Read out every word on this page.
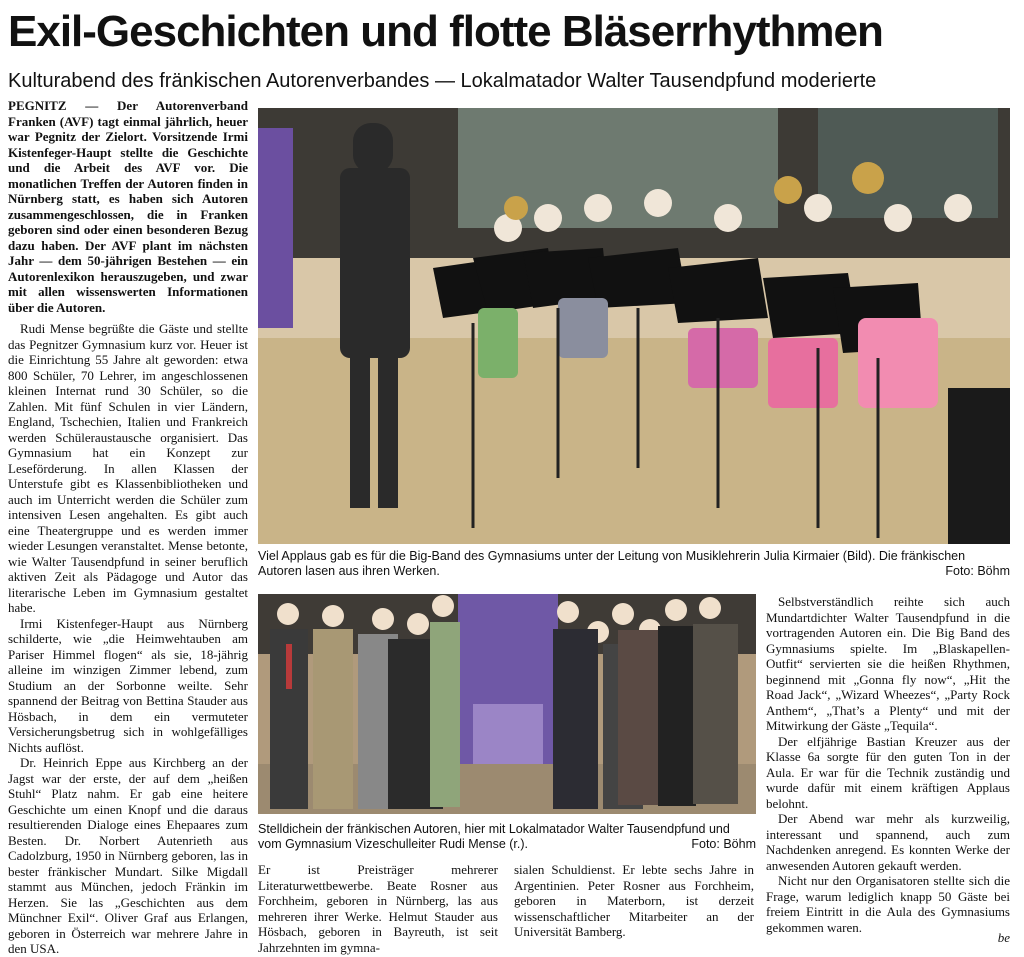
Exil-Geschichten und flotte Bläserrhythmen

Kulturabend des fränkischen Autorenverbandes — Lokalmatador Walter Tausendpfund moderierte

PEGNITZ — Der Autorenverband Franken (AVF) tagt einmal jährlich, heuer war Pegnitz der Zielort. Vorsitzende Irmi Kistenfeger-Haupt stellte die Geschichte und die Arbeit des AVF vor. Die monatlichen Treffen der Autoren finden in Nürnberg statt, es haben sich Autoren zusammengeschlossen, die in Franken geboren sind oder einen besonderen Bezug dazu haben. Der AVF plant im nächsten Jahr — dem 50-jährigen Bestehen — ein Autorenlexikon herauszugeben, und zwar mit allen wissenswerten Informationen über die Autoren.

Rudi Mense begrüßte die Gäste und stellte das Pegnitzer Gymnasium kurz vor. Heuer ist die Einrichtung 55 Jahre alt geworden: etwa 800 Schüler, 70 Lehrer, im angeschlossenen kleinen Internat rund 30 Schüler, so die Zahlen. Mit fünf Schulen in vier Ländern, England, Tschechien, Italien und Frankreich werden Schüleraustausche organisiert. Das Gymnasium hat ein Konzept zur Leseförderung. In allen Klassen der Unterstufe gibt es Klassenbibliotheken und auch im Unterricht werden die Schüler zum intensiven Lesen angehalten. Es gibt auch eine Theatergruppe und es werden immer wieder Lesungen veranstaltet. Mense betonte, wie Walter Tausendpfund in seiner beruflich aktiven Zeit als Pädagoge und Autor das literarische Leben im Gymnasium gestaltet habe.

Irmi Kistenfeger-Haupt aus Nürnberg schilderte, wie „die Heimwehtauben am Pariser Himmel flogen“ als sie, 18-jährig alleine im winzigen Zimmer lebend, zum Studium an der Sorbonne weilte. Sehr spannend der Beitrag von Bettina Stauder aus Hösbach, in dem ein vermuteter Versicherungsbetrug sich in wohlgefälliges Nichts auflöst.

Dr. Heinrich Eppe aus Kirchberg an der Jagst war der erste, der auf dem „heißen Stuhl“ Platz nahm. Er gab eine heitere Geschichte um einen Knopf und die daraus resultierenden Dialoge eines Ehepaares zum Besten. Dr. Norbert Autenrieth aus Cadolzburg, 1950 in Nürnberg geboren, las in bester fränkischer Mundart. Silke Migdall stammt aus München, jedoch Fränkin im Herzen. Sie las „Geschichten aus dem Münchner Exil“. Oliver Graf aus Erlangen, geboren in Österreich war mehrere Jahre in den USA.

Viel Applaus gab es für die Big-Band des Gymnasiums unter der Leitung von Musiklehrerin Julia Kirmaier (Bild). Die fränkischen Autoren lasen aus ihren Werken.	Foto: Böhm
Foto: Böhm
Stelldichein der fränkischen Autoren, hier mit Lokalmatador Walter Tausendpfund und vom Gymnasium Vizeschulleiter Rudi Mense (r.).

Er ist Preisträger mehrerer Literaturwettbewerbe. Beate Rosner aus Forchheim, geboren in Nürnberg, las aus mehreren ihrer Werke. Helmut Stauder aus Hösbach, geboren in Bayreuth, ist seit Jahrzehnten im gymna-

sialen Schuldienst. Er lebte sechs Jahre in Argentinien. Peter Rosner aus Forchheim, geboren in Materborn, ist derzeit wissenschaftlicher Mitarbeiter an der Universität Bamberg.

Selbstverständlich reihte sich auch Mundartdichter Walter Tausendpfund in die vortragenden Autoren ein. Die Big Band des Gymnasiums spielte. Im „Blaskapellen-Outfit“ servierten sie die heißen Rhythmen, beginnend mit „Gonna fly now“, „Hit the Road Jack“, „Wizard Wheezes“, „Party Rock Anthem“, „That’s a Plenty“ und mit der Mitwirkung der Gäste „Tequila“.

Der elfjährige Bastian Kreuzer aus der Klasse 6a sorgte für den guten Ton in der Aula. Er war für die Technik zuständig und wurde dafür mit einem kräftigen Applaus belohnt.

Der Abend war mehr als kurzweilig, interessant und spannend, auch zum Nachdenken anregend. Es konnten Werke der anwesenden Autoren gekauft werden.

Nicht nur den Organisatoren stellte sich die Frage, warum lediglich knapp 50 Gäste bei freiem Eintritt in die Aula des Gymnasiums gekommen waren.

be
